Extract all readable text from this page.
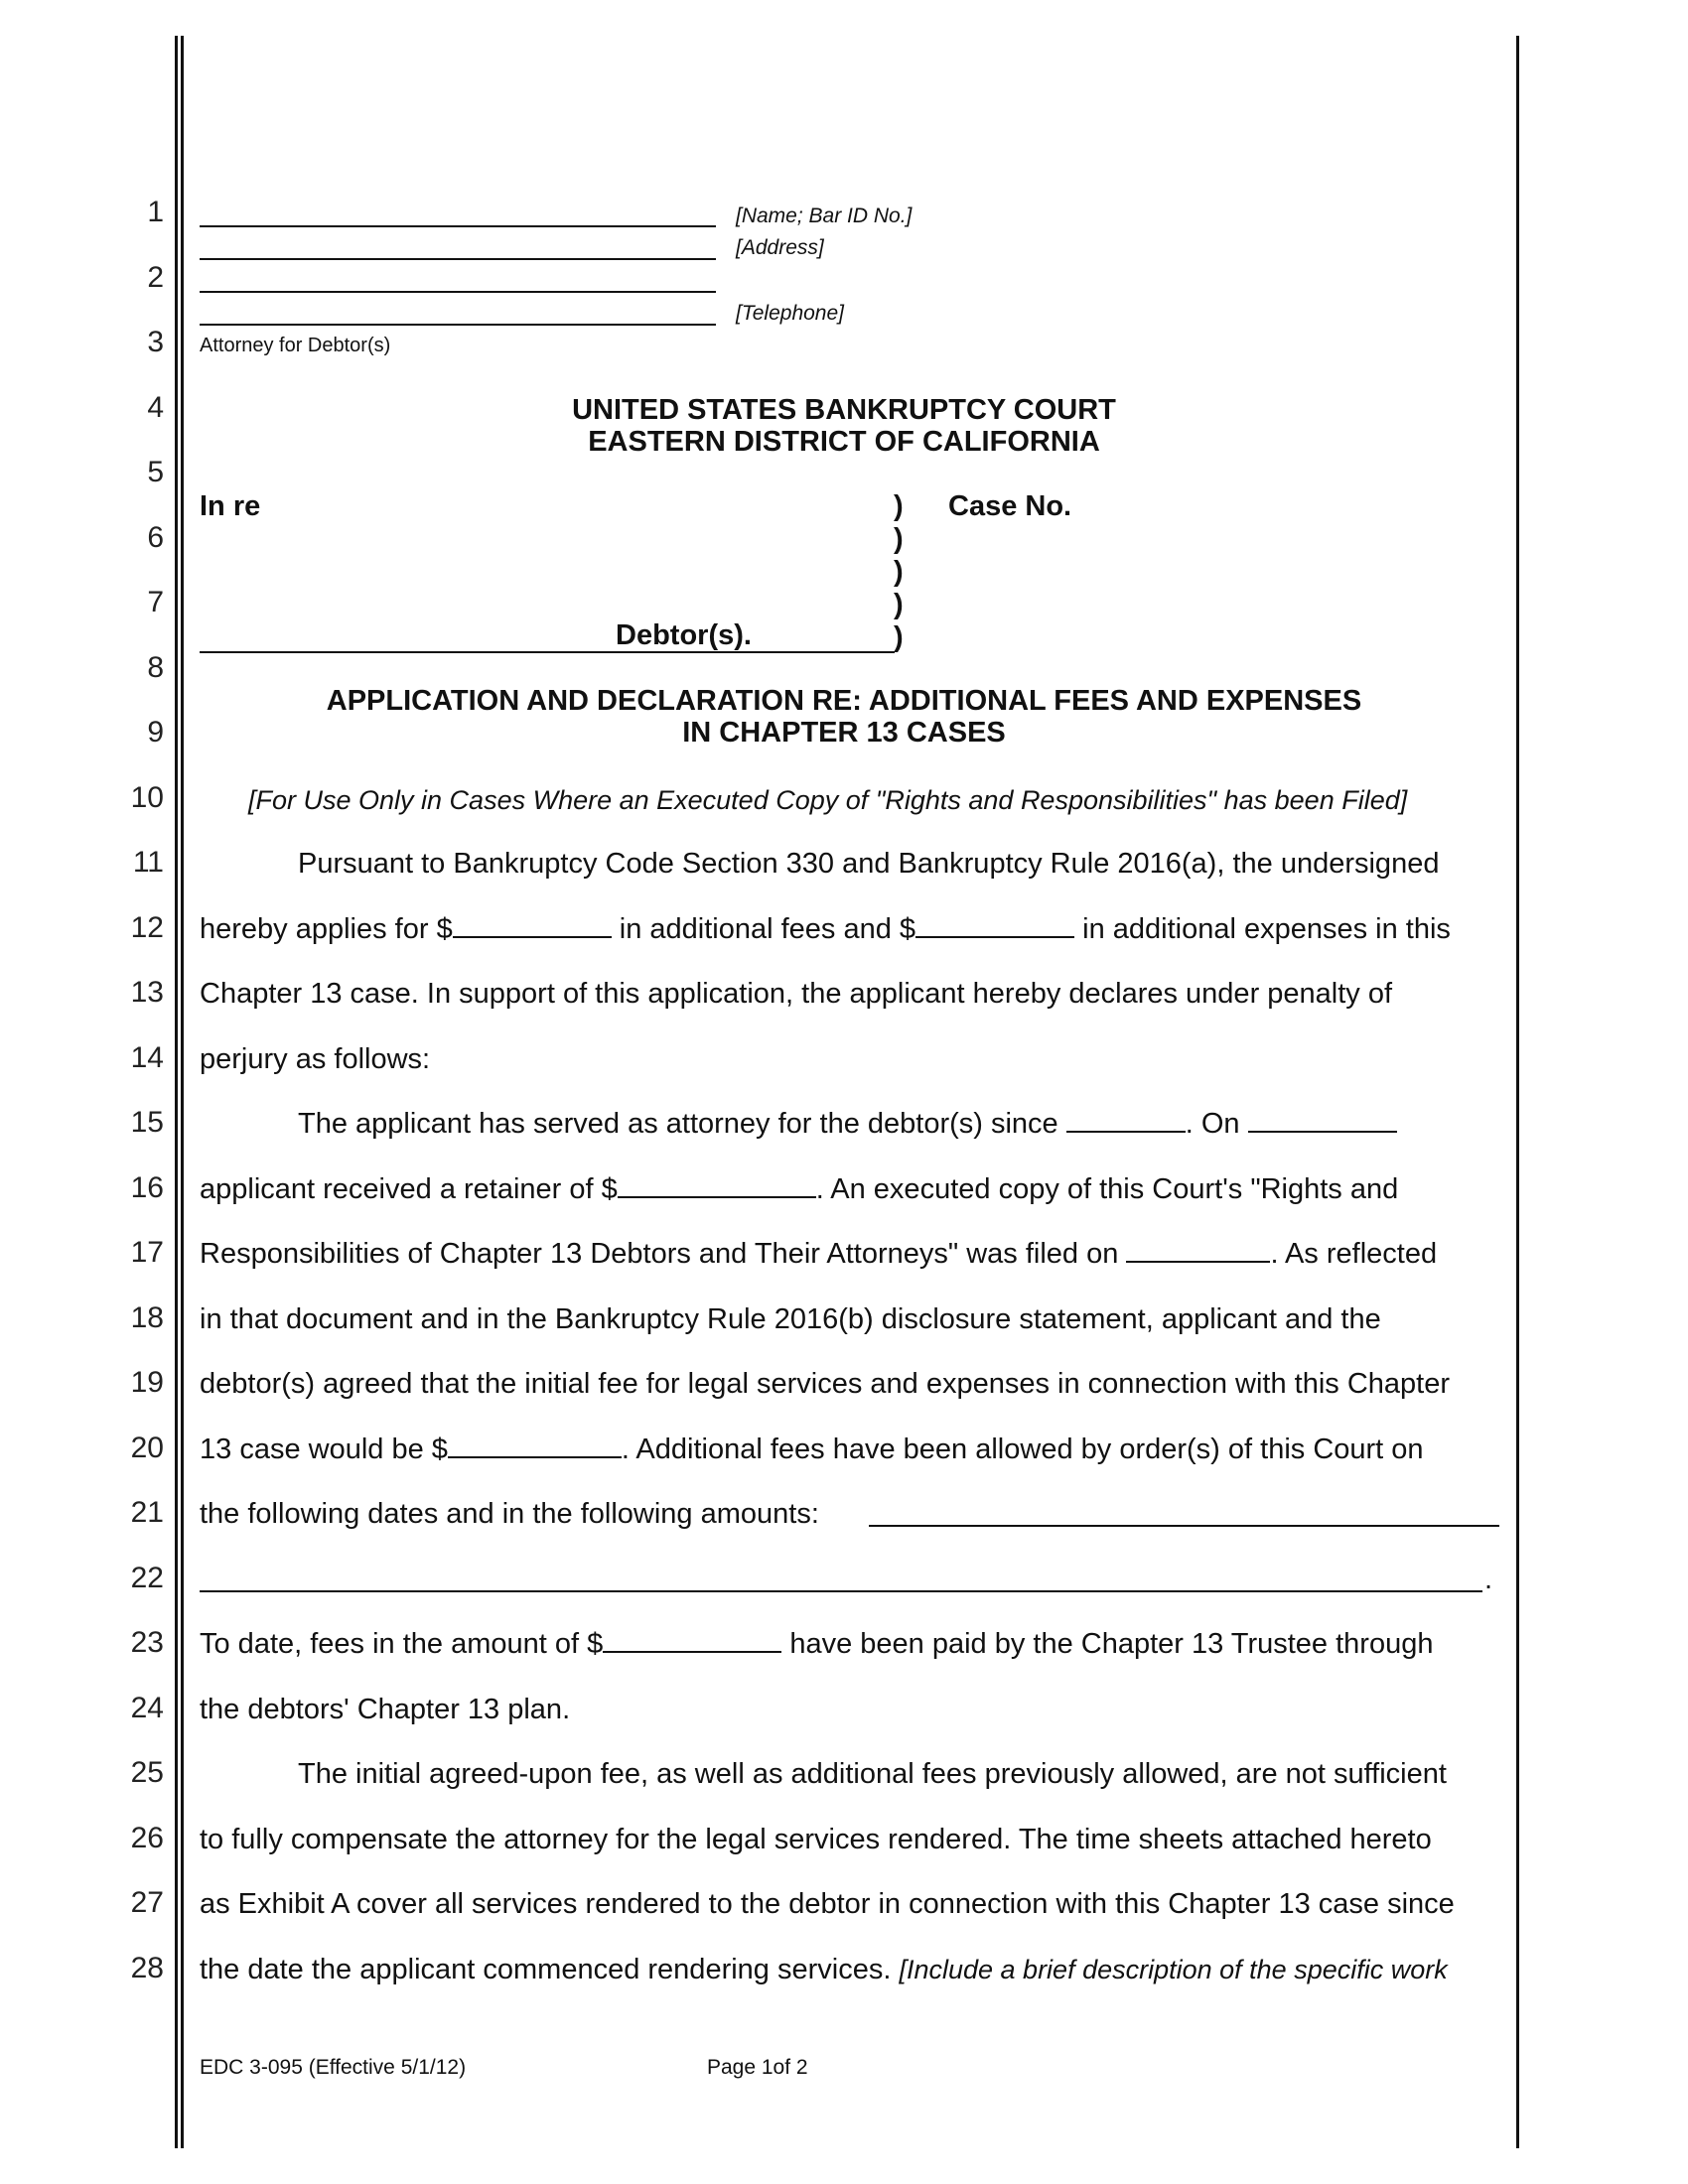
1
2
3
4
5
6
7
8
9
10
11
12
13
14
15
16
17
18
19
20
21
22
23
24
25
26
27
28
[Name; Bar ID No.]
[Address]
[Telephone]
Attorney for Debtor(s)
UNITED STATES BANKRUPTCY COURT
EASTERN DISTRICT OF CALIFORNIA
In re	)
)
)
)
)
Case No.
Debtor(s).
APPLICATION AND DECLARATION RE: ADDITIONAL FEES AND EXPENSES
IN CHAPTER 13 CASES
[For Use Only in Cases Where an Executed Copy of "Rights and Responsibilities" has been Filed]
Pursuant to Bankruptcy Code Section 330 and Bankruptcy Rule 2016(a), the undersigned
hereby applies for $	in additional fees and $	in additional expenses in this
Chapter 13 case. In support of this application, the applicant hereby declares under penalty of
perjury as follows:
The applicant has served as attorney for the debtor(s) since	. On
applicant received a retainer of $	. An executed copy of this Court's "Rights and
Responsibilities of Chapter 13 Debtors and Their Attorneys" was filed on	. As reflected
in that document and in the Bankruptcy Rule 2016(b) disclosure statement, applicant and the
debtor(s) agreed that the initial fee for legal services and expenses in connection with this Chapter
13 case would be $	. Additional fees have been allowed by order(s) of this Court on
the following dates and in the following amounts:
.
To date, fees in the amount of $	have been paid by the Chapter 13 Trustee through
the debtors' Chapter 13 plan.
The initial agreed-upon fee, as well as additional fees previously allowed, are not sufficient
to fully compensate the attorney for the legal services rendered. The time sheets attached hereto
as Exhibit A cover all services rendered to the debtor in connection with this Chapter 13 case since
the date the applicant commenced rendering services. [Include a brief description of the specific work
EDC 3-095 (Effective 5/1/12)	Page 1of 2
